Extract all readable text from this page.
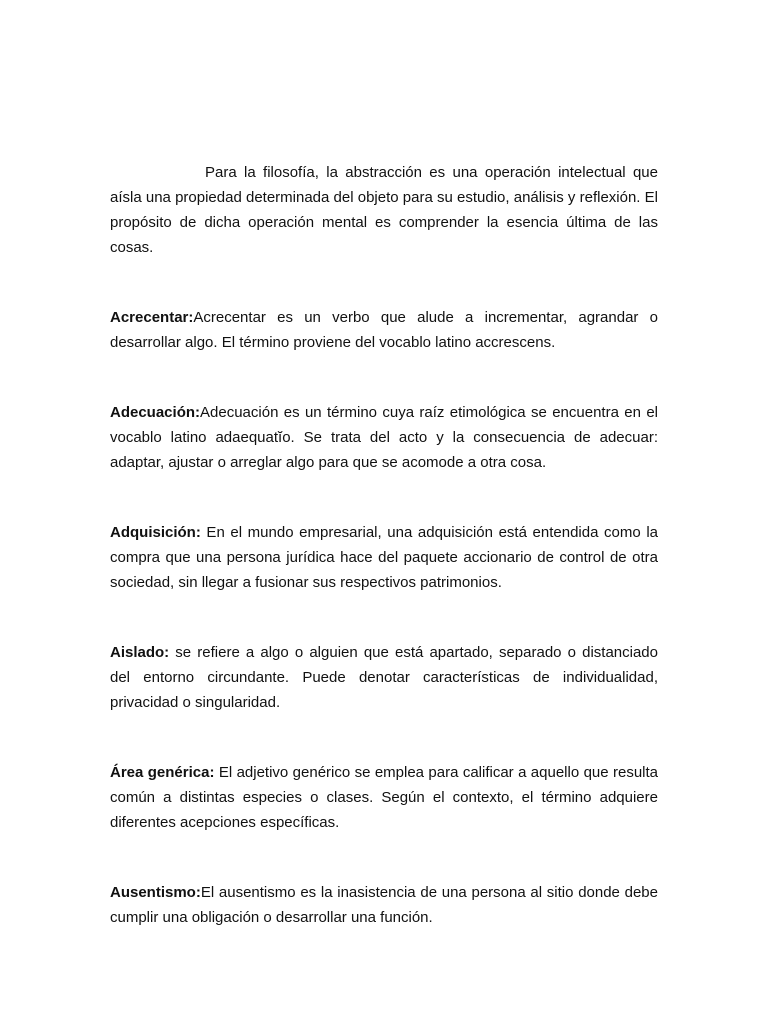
Para la filosofía, la abstracción es una operación intelectual que aísla una propiedad determinada del objeto para su estudio, análisis y reflexión. El propósito de dicha operación mental es comprender la esencia última de las cosas.

Acrecentar:Acrecentar es un verbo que alude a incrementar, agrandar o desarrollar algo. El término proviene del vocablo latino accrescens.

Adecuación:Adecuación es un término cuya raíz etimológica se encuentra en el vocablo latino adaequatĭo. Se trata del acto y la consecuencia de adecuar: adaptar, ajustar o arreglar algo para que se acomode a otra cosa.

Adquisición: En el mundo empresarial, una adquisición está entendida como la compra que una persona jurídica hace del paquete accionario de control de otra sociedad, sin llegar a fusionar sus respectivos patrimonios.

Aislado: se refiere a algo o alguien que está apartado, separado o distanciado del entorno circundante. Puede denotar características de individualidad, privacidad o singularidad.

Área genérica: El adjetivo genérico se emplea para calificar a aquello que resulta común a distintas especies o clases. Según el contexto, el término adquiere diferentes acepciones específicas.

Ausentismo:El ausentismo es la inasistencia de una persona al sitio donde debe cumplir una obligación o desarrollar una función.
